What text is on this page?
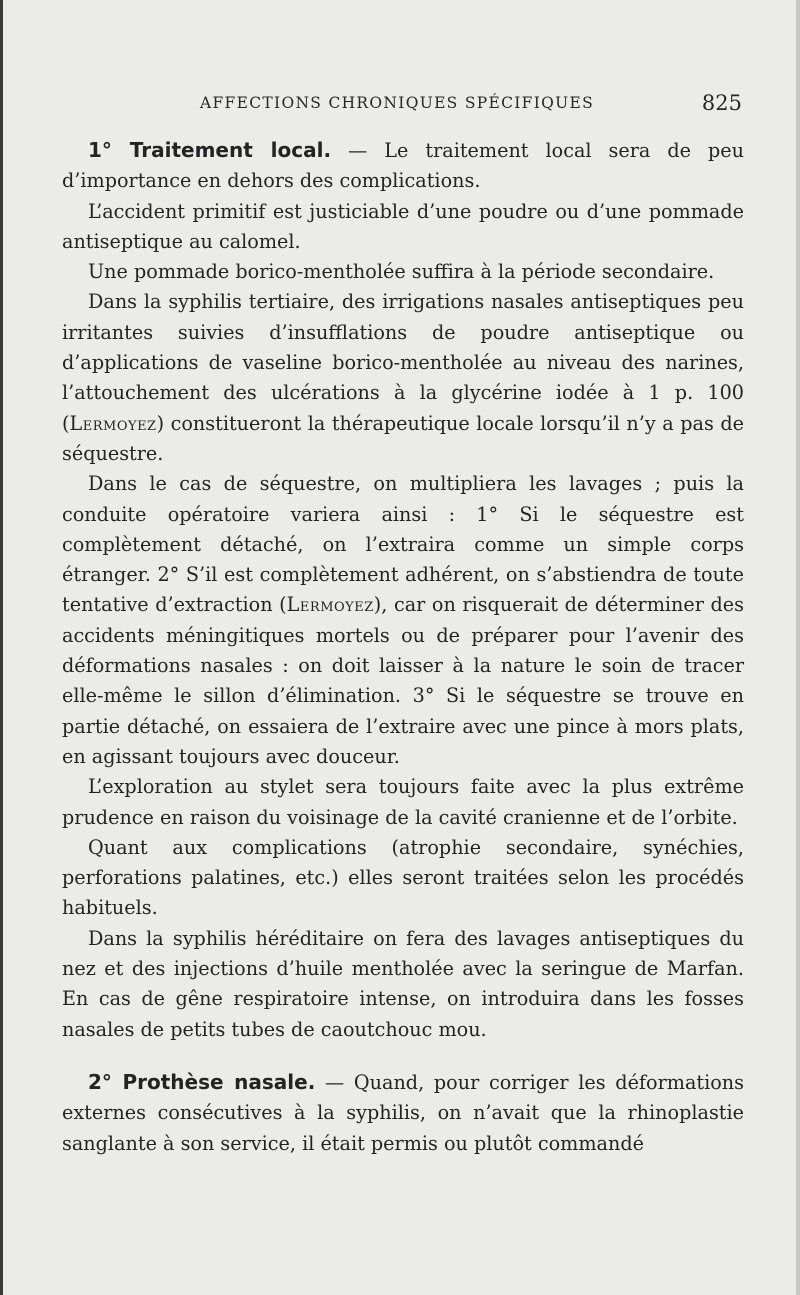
AFFECTIONS CHRONIQUES SPÉCIFIQUES	825

1° Traitement local. — Le traitement local sera de peu d’importance en dehors des complications.

L’accident primitif est justiciable d’une poudre ou d’une pommade antiseptique au calomel.

Une pommade borico-mentholée suffira à la période secondaire.

Dans la syphilis tertiaire, des irrigations nasales antiseptiques peu irritantes suivies d’insufflations de poudre antiseptique ou d’applications de vaseline borico-mentholée au niveau des narines, l’attouchement des ulcérations à la glycérine iodée à 1 p. 100 (Lermoyez) constitueront la thérapeutique locale lorsqu’il n’y a pas de séquestre.

Dans le cas de séquestre, on multipliera les lavages ; puis la conduite opératoire variera ainsi : 1° Si le séquestre est complètement détaché, on l’extraira comme un simple corps étranger. 2° S’il est complètement adhérent, on s’abstiendra de toute tentative d’extraction (Lermoyez), car on risquerait de déterminer des accidents méningitiques mortels ou de préparer pour l’avenir des déformations nasales : on doit laisser à la nature le soin de tracer elle-même le sillon d’élimination. 3° Si le séquestre se trouve en partie détaché, on essaiera de l’extraire avec une pince à mors plats, en agissant toujours avec douceur.

L’exploration au stylet sera toujours faite avec la plus extrême prudence en raison du voisinage de la cavité cranienne et de l’orbite.

Quant aux complications (atrophie secondaire, synéchies, perforations palatines, etc.) elles seront traitées selon les procédés habituels.

Dans la syphilis héréditaire on fera des lavages antiseptiques du nez et des injections d’huile mentholée avec la seringue de Marfan. En cas de gêne respiratoire intense, on introduira dans les fosses nasales de petits tubes de caoutchouc mou.

2° Prothèse nasale. — Quand, pour corriger les déformations externes consécutives à la syphilis, on n’avait que la rhinoplastie sanglante à son service, il était permis ou plutôt commandé
